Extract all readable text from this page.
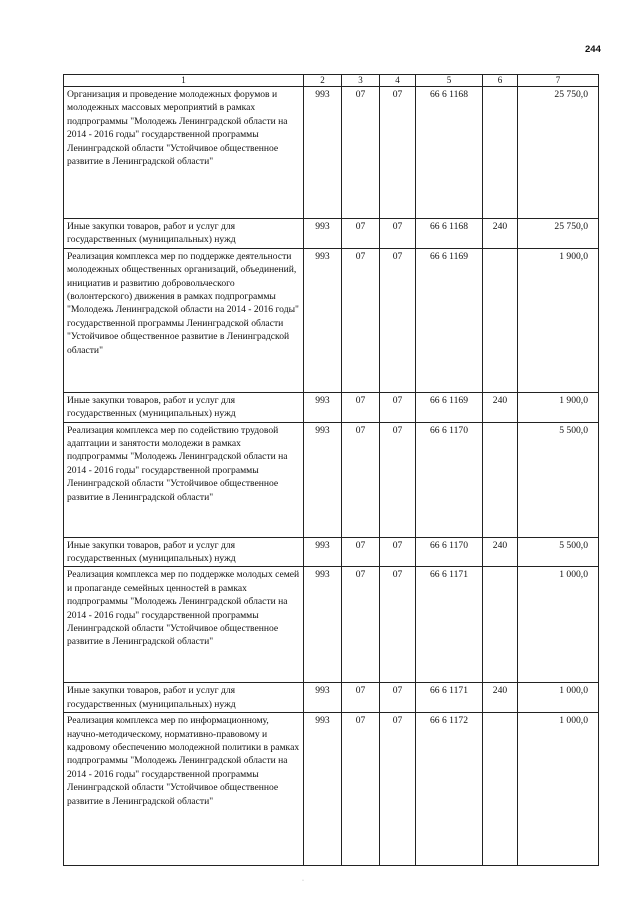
244
1	2	3	4	5	6	7
Организация и проведение молодежных форумов и молодежных массовых мероприятий в рамках подпрограммы "Молодежь Ленинградской области на 2014 - 2016 годы" государственной программы Ленинградской области "Устойчивое общественное развитие в Ленинградской области"	993	07	07	66 6 1168		25 750,0
Иные закупки товаров, работ и услуг для государственных (муниципальных) нужд	993	07	07	66 6 1168	240	25 750,0
Реализация комплекса мер по поддержке деятельности молодежных общественных организаций, объединений, инициатив и развитию добровольческого (волонтерского) движения в рамках подпрограммы "Молодежь Ленинградской области на 2014 - 2016 годы" государственной программы Ленинградской области "Устойчивое общественное развитие в Ленинградской области"	993	07	07	66 6 1169		1 900,0
Иные закупки товаров, работ и услуг для государственных (муниципальных) нужд	993	07	07	66 6 1169	240	1 900,0
Реализация комплекса мер по содействию трудовой адаптации и занятости молодежи в рамках подпрограммы "Молодежь Ленинградской области на 2014 - 2016 годы" государственной программы Ленинградской области "Устойчивое общественное развитие в Ленинградской области"	993	07	07	66 6 1170		5 500,0
Иные закупки товаров, работ и услуг для государственных (муниципальных) нужд	993	07	07	66 6 1170	240	5 500,0
Реализация комплекса мер по поддержке молодых семей и пропаганде семейных ценностей в рамках подпрограммы "Молодежь Ленинградской области на 2014 - 2016 годы" государственной программы Ленинградской области "Устойчивое общественное развитие в Ленинградской области"	993	07	07	66 6 1171		1 000,0
Иные закупки товаров, работ и услуг для государственных (муниципальных) нужд	993	07	07	66 6 1171	240	1 000,0
Реализация комплекса мер по информационному, научно-методическому, нормативно-правовому и кадровому обеспечению молодежной политики в рамках подпрограммы "Молодежь Ленинградской области на 2014 - 2016 годы" государственной программы Ленинградской области "Устойчивое общественное развитие в Ленинградской области"	993	07	07	66 6 1172		1 000,0
·
